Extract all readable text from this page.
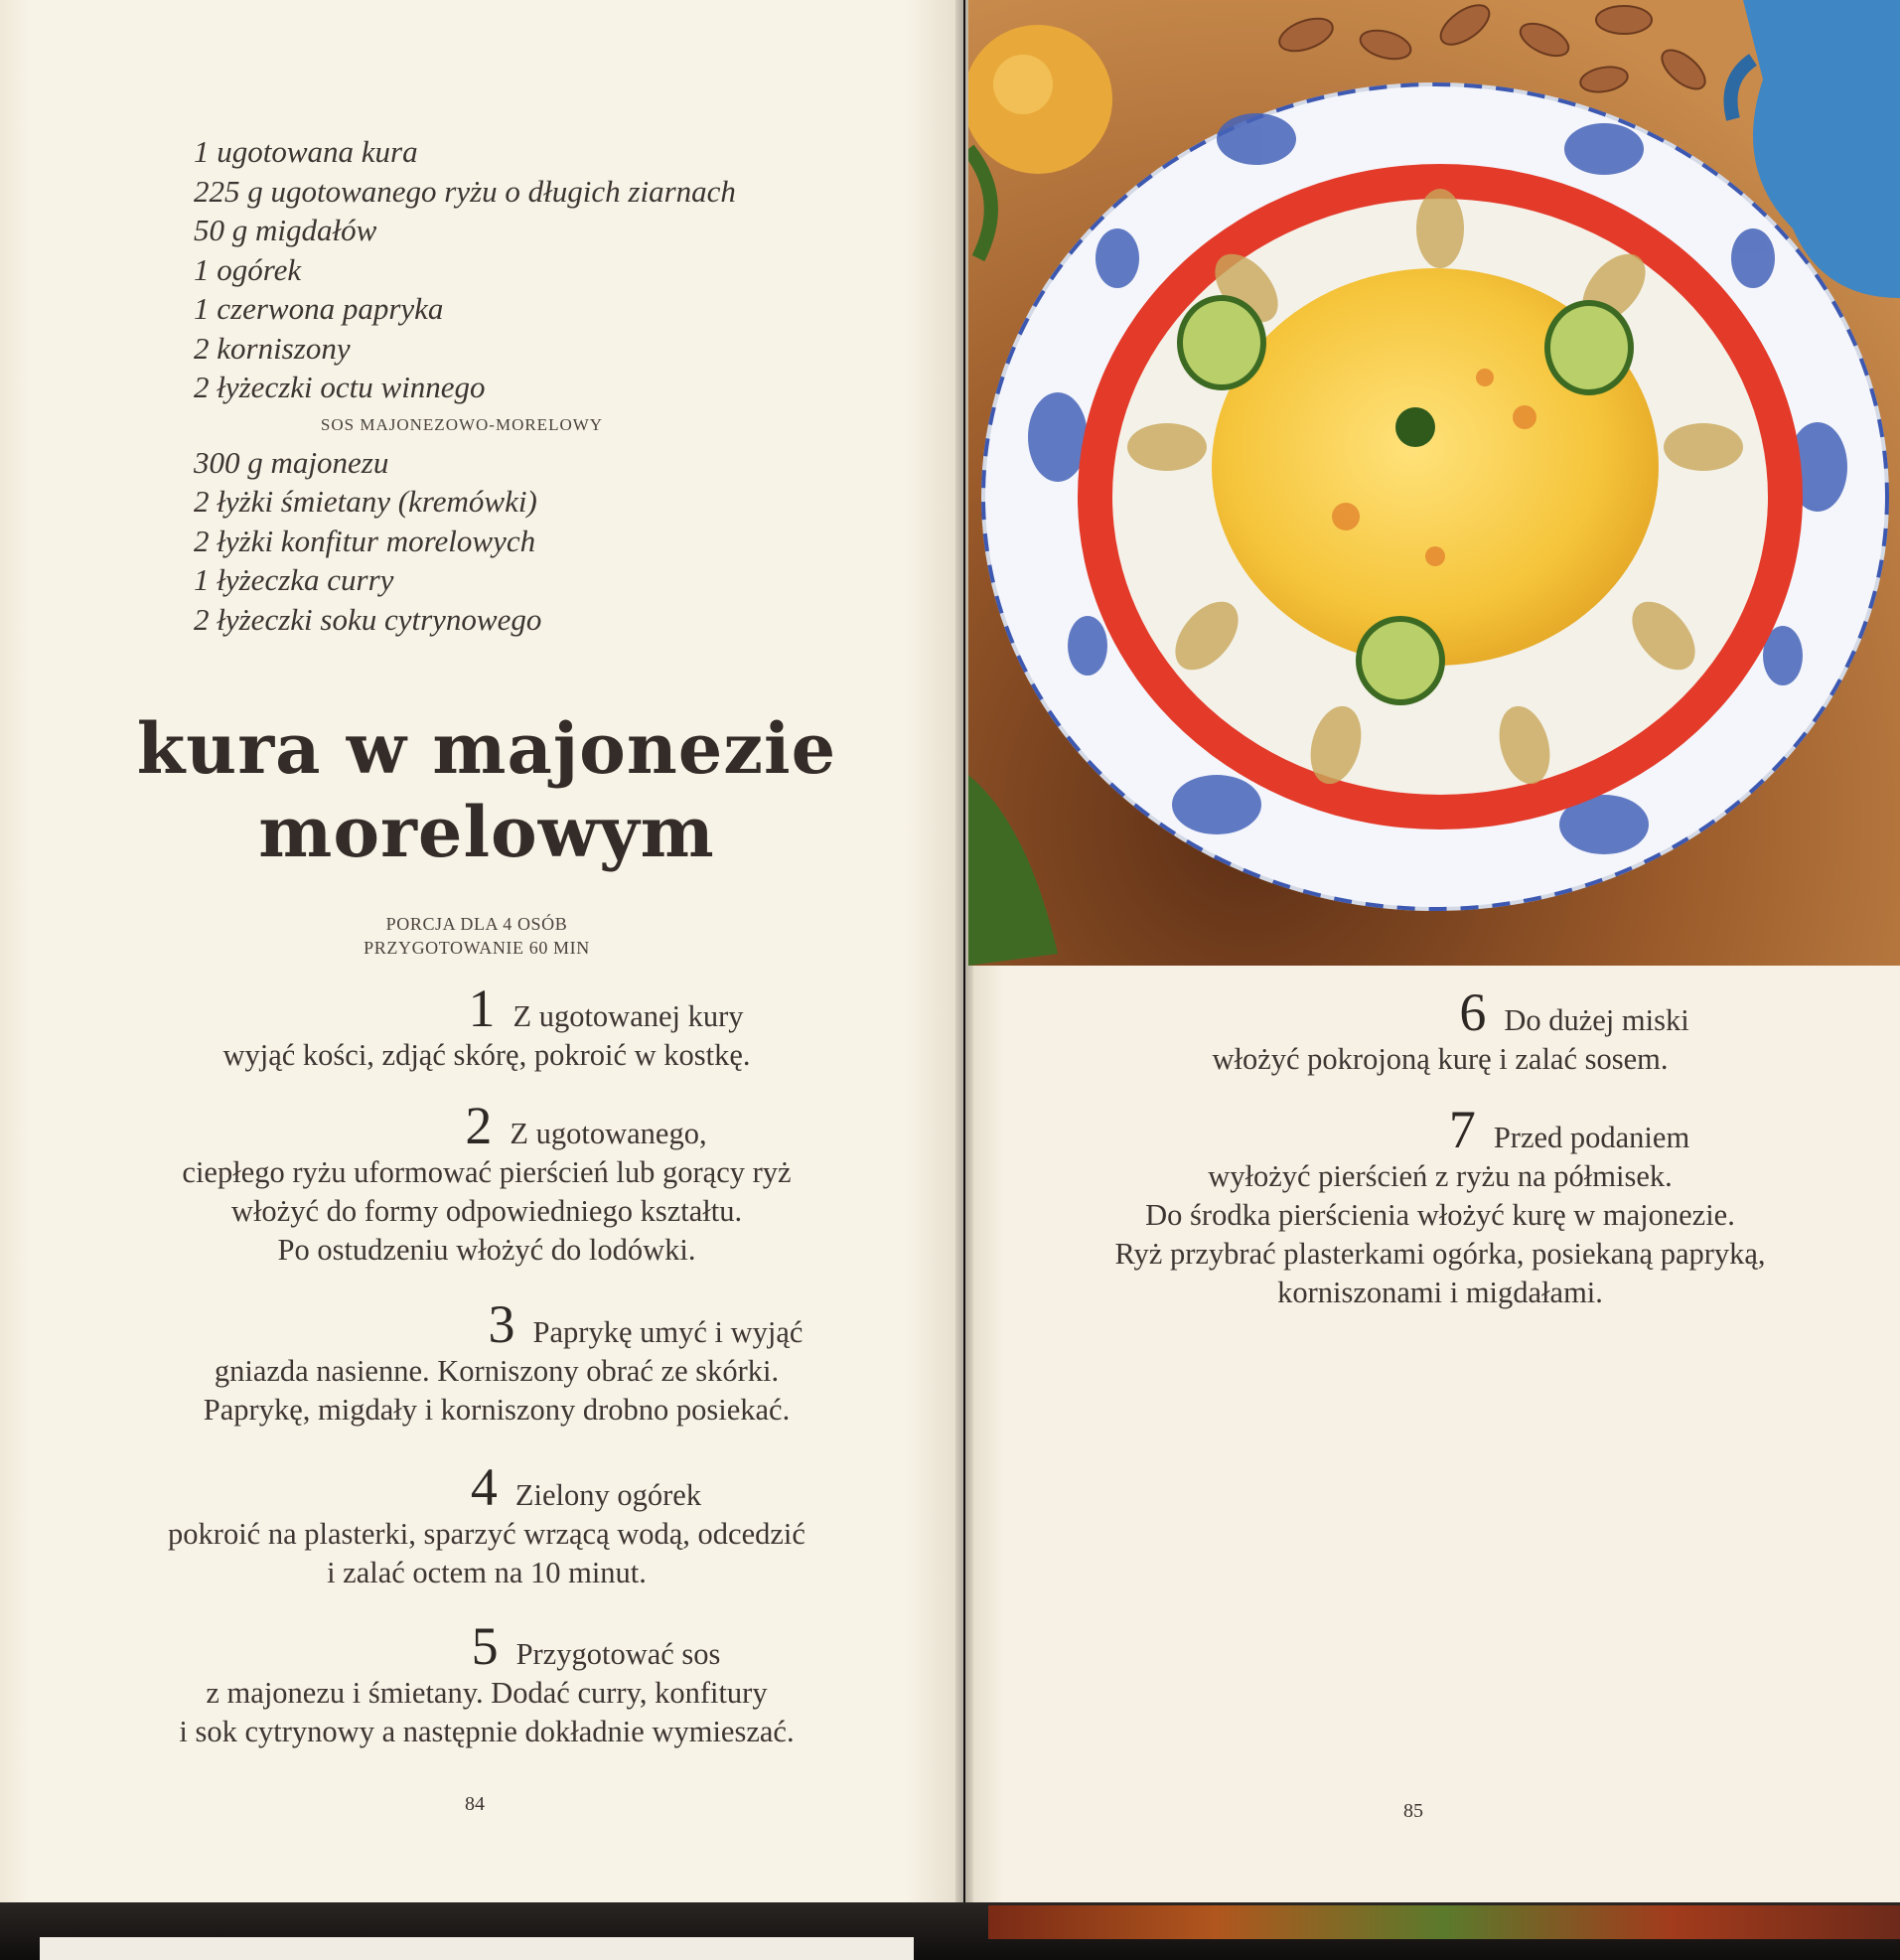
1 ugotowana kura
225 g ugotowanego ryżu o długich ziarnach
50 g migdałów
1 ogórek
1 czerwona papryka
2 korniszony
2 łyżeczki octu winnego
SOS MAJONEZOWO-MORELOWY
300 g majonezu
2 łyżki śmietany (kremówki)
2 łyżki konfitur morelowych
1 łyżeczka curry
2 łyżeczki soku cytrynowego
kura w majonezie
morelowym
PORCJA DLA 4 OSÓB
PRZYGOTOWANIE 60 MIN
1 Z ugotowanej kury
wyjąć kości, zdjąć skórę, pokroić w kostkę.
2 Z ugotowanego,
ciepłego ryżu uformować pierścień lub gorący ryż
włożyć do formy odpowiedniego kształtu.
Po ostudzeniu włożyć do lodówki.
3 Paprykę umyć i wyjąć
gniazda nasienne. Korniszony obrać ze skórki.
Paprykę, migdały i korniszony drobno posiekać.
4 Zielony ogórek
pokroić na plasterki, sparzyć wrzącą wodą, odcedzić
i zalać octem na 10 minut.
5 Przygotować sos
z majonezu i śmietany. Dodać curry, konfitury
i sok cytrynowy a następnie dokładnie wymieszać.
84
6 Do dużej miski
włożyć pokrojoną kurę i zalać sosem.
7 Przed podaniem
wyłożyć pierścień z ryżu na półmisek.
Do środka pierścienia włożyć kurę w majonezie.
Ryż przybrać plasterkami ogórka, posiekaną papryką,
korniszonami i migdałami.
85
